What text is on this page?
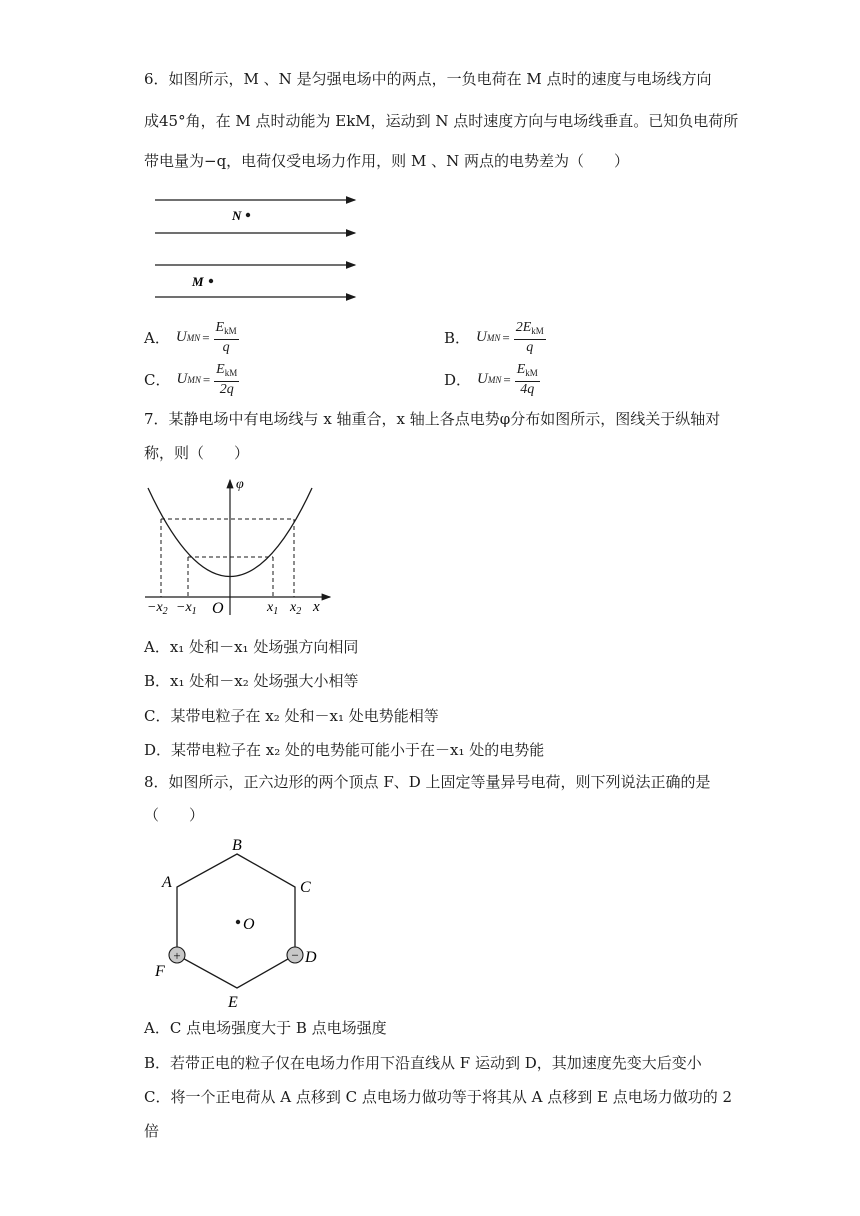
6．如图所示，M 、N 是匀强电场中的两点，一负电荷在 M 点时的速度与电场线方向
成45°角，在 M 点时动能为 EkM，运动到 N 点时速度方向与电场线垂直。已知负电荷所
带电量为−q，电荷仅受电场力作用，则 M 、N 两点的电势差为（　　）
N
M
A． U MN = $\frac{E_{kM}}{q}$	B． U MN = $\frac{2E_{kM}}{q}$
C． U MN = $\frac{E_{kM}}{2q}$	D． U MN = $\frac{E_{kM}}{4q}$
7．某静电场中有电场线与 x 轴重合，x 轴上各点电势φ分布如图所示，图线关于纵轴对
称，则（　　）
φ
O	x
$-x_2 -x_1$	$x_1$ $x_2$
A．x₁ 处和－x₁ 处场强方向相同
B．x₁ 处和－x₂ 处场强大小相等
C．某带电粒子在 x₂ 处和－x₁ 处电势能相等
D．某带电粒子在 x₂ 处的电势能可能小于在－x₁ 处的电势能
8．如图所示，正六边形的两个顶点 F、D 上固定等量异号电荷，则下列说法正确的是
（　　）
B
A	C
D
E
F
O
+	−
A．C 点电场强度大于 B 点电场强度
B．若带正电的粒子仅在电场力作用下沿直线从 F 运动到 D，其加速度先变大后变小
C．将一个正电荷从 A 点移到 C 点电场力做功等于将其从 A 点移到 E 点电场力做功的 2
倍
